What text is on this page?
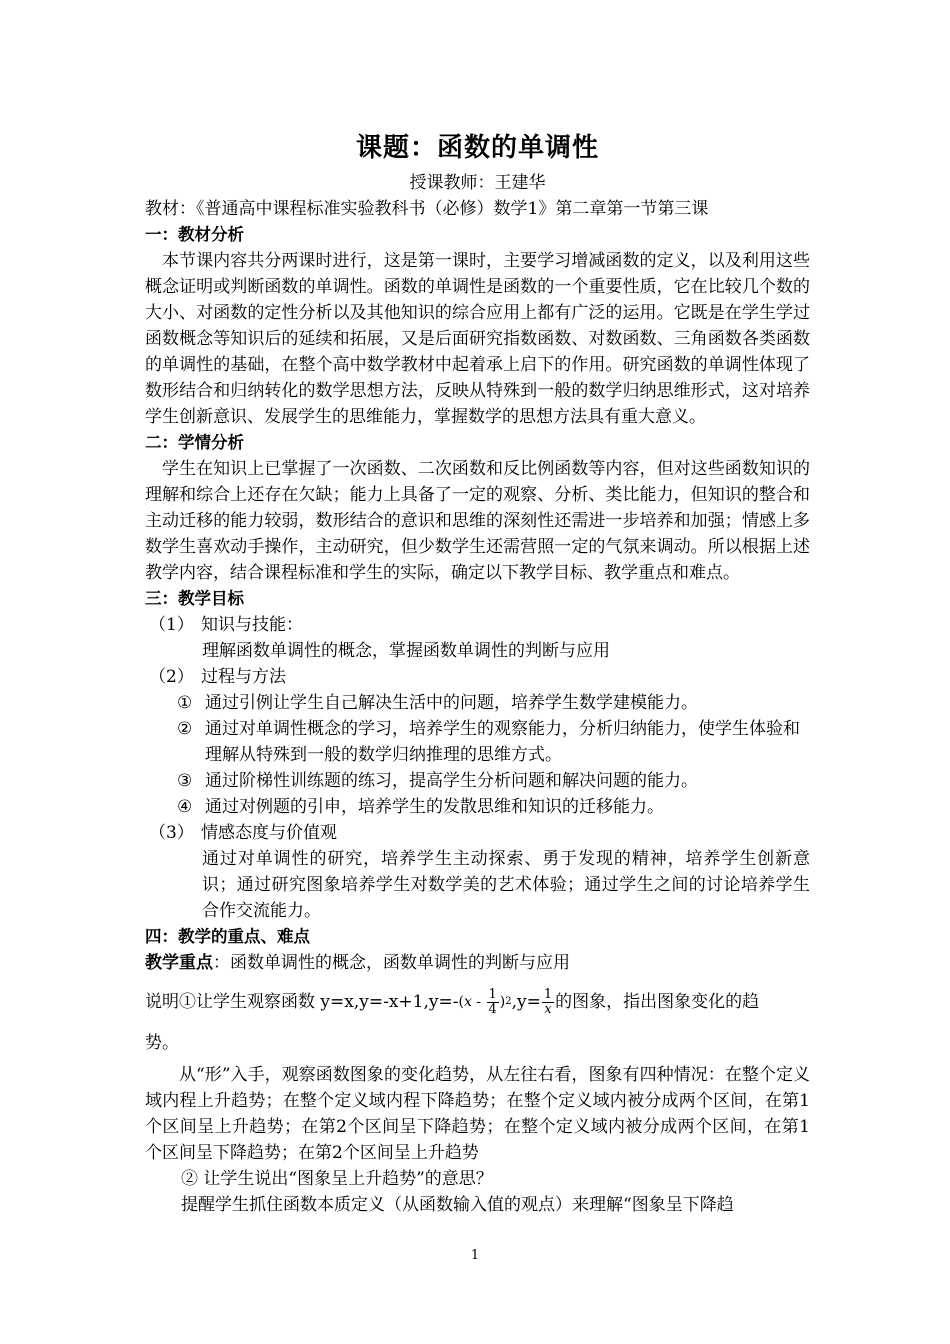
课题：函数的单调性
授课教师：王建华
教材：《普通高中课程标准实验教科书（必修）数学1》第二章第一节第三课
一：教材分析
本节课内容共分两课时进行，这是第一课时，主要学习增减函数的定义，以及利用这些概念证明或判断函数的单调性。函数的单调性是函数的一个重要性质，它在比较几个数的大小、对函数的定性分析以及其他知识的综合应用上都有广泛的运用。它既是在学生学过函数概念等知识后的延续和拓展，又是后面研究指数函数、对数函数、三角函数各类函数的单调性的基础，在整个高中数学教材中起着承上启下的作用。研究函数的单调性体现了数形结合和归纳转化的数学思想方法，反映从特殊到一般的数学归纳思维形式，这对培养学生创新意识、发展学生的思维能力，掌握数学的思想方法具有重大意义。
二：学情分析
学生在知识上已掌握了一次函数、二次函数和反比例函数等内容，但对这些函数知识的理解和综合上还存在欠缺；能力上具备了一定的观察、分析、类比能力，但知识的整合和主动迁移的能力较弱，数形结合的意识和思维的深刻性还需进一步培养和加强；情感上多数学生喜欢动手操作，主动研究，但少数学生还需营照一定的气氛来调动。所以根据上述教学内容，结合课程标准和学生的实际，确定以下教学目标、教学重点和难点。
三：教学目标
（1） 知识与技能：
理解函数单调性的概念，掌握函数单调性的判断与应用
（2） 过程与方法
① 通过引例让学生自己解决生活中的问题，培养学生数学建模能力。
② 通过对单调性概念的学习，培养学生的观察能力，分析归纳能力，使学生体验和理解从特殊到一般的数学归纳推理的思维方式。
③ 通过阶梯性训练题的练习，提高学生分析问题和解决问题的能力。
④ 通过对例题的引申，培养学生的发散思维和知识的迁移能力。
（3） 情感态度与价值观
通过对单调性的研究，培养学生主动探索、勇于发现的精神，培养学生创新意识；通过研究图象培养学生对数学美的艺术体验；通过学生之间的讨论培养学生合作交流能力。
四：教学的重点、难点
教学重点：函数单调性的概念，函数单调性的判断与应用
说明①让学生观察函数 y=x,y=-x+1,y=- ( x - $\frac{1}{4}$ ) 2 $,y= \frac{1}{x}$ 的图象，指出图象变化的趋
势。
从“形”入手，观察函数图象的变化趋势，从左往右看，图象有四种情况：在整个定义域内程上升趋势；在整个定义域内程下降趋势；在整个定义域内被分成两个区间，在第1个区间呈上升趋势；在第2个区间呈下降趋势；在整个定义域内被分成两个区间，在第1个区间呈下降趋势；在第2个区间呈上升趋势
② 让学生说出“图象呈上升趋势”的意思？
提醒学生抓住函数本质定义（从函数输入值的观点）来理解“图象呈下降趋
1
